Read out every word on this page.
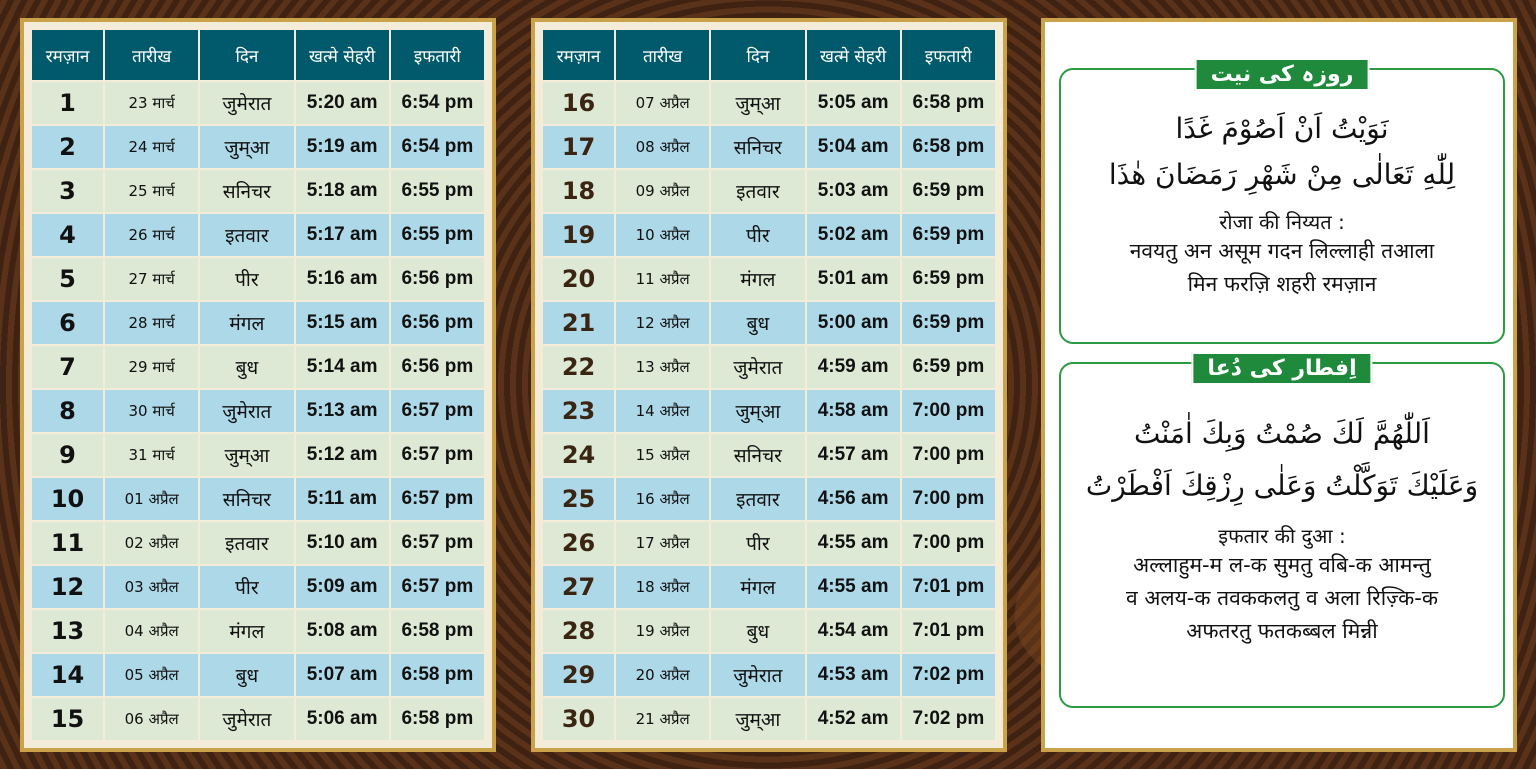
रमज़ान	तारीख	दिन	खत्मे सेहरी	इफतारी
1	23 मार्च	जुमेरात	5:20 am	6:54 pm
2	24 मार्च	जुम्आ	5:19 am	6:54 pm
3	25 मार्च	सनिचर	5:18 am	6:55 pm
4	26 मार्च	इतवार	5:17 am	6:55 pm
5	27 मार्च	पीर	5:16 am	6:56 pm
6	28 मार्च	मंगल	5:15 am	6:56 pm
7	29 मार्च	बुध	5:14 am	6:56 pm
8	30 मार्च	जुमेरात	5:13 am	6:57 pm
9	31 मार्च	जुम्आ	5:12 am	6:57 pm
10	01 अप्रैल	सनिचर	5:11 am	6:57 pm
11	02 अप्रैल	इतवार	5:10 am	6:57 pm
12	03 अप्रैल	पीर	5:09 am	6:57 pm
13	04 अप्रैल	मंगल	5:08 am	6:58 pm
14	05 अप्रैल	बुध	5:07 am	6:58 pm
15	06 अप्रैल	जुमेरात	5:06 am	6:58 pm
रमज़ान	तारीख	दिन	खत्मे सेहरी	इफतारी
16	07 अप्रैल	जुम्आ	5:05 am	6:58 pm
17	08 अप्रैल	सनिचर	5:04 am	6:58 pm
18	09 अप्रैल	इतवार	5:03 am	6:59 pm
19	10 अप्रैल	पीर	5:02 am	6:59 pm
20	11 अप्रैल	मंगल	5:01 am	6:59 pm
21	12 अप्रैल	बुध	5:00 am	6:59 pm
22	13 अप्रैल	जुमेरात	4:59 am	6:59 pm
23	14 अप्रैल	जुम्आ	4:58 am	7:00 pm
24	15 अप्रैल	सनिचर	4:57 am	7:00 pm
25	16 अप्रैल	इतवार	4:56 am	7:00 pm
26	17 अप्रैल	पीर	4:55 am	7:00 pm
27	18 अप्रैल	मंगल	4:55 am	7:01 pm
28	19 अप्रैल	बुध	4:54 am	7:01 pm
29	20 अप्रैल	जुमेरात	4:53 am	7:02 pm
30	21 अप्रैल	जुम्आ	4:52 am	7:02 pm
روزہ کی نیت
نَوَيْتُ اَنْ اَصُوْمَ غَدًا
لِلّٰهِ تَعَالٰى مِنْ شَهْرِ رَمَضَانَ هٰذَا
रोजा की निय्यत :
नवयतु अन असूम गदन लिल्लाही तआला
मिन फरज़ि शहरी रमज़ान
اِفطار کی دُعا
اَللّٰهُمَّ لَكَ صُمْتُ وَبِكَ اٰمَنْتُ
وَعَلَيْكَ تَوَكَّلْتُ وَعَلٰى رِزْقِكَ اَفْطَرْتُ
इफतार की दुआ :
अल्लाहुम-म ल-क सुमतु वबि-क आमन्तु
व अलय-क तवककलतु व अला रिज़्कि-क
अफतरतु फतकब्बल मिन्नी
